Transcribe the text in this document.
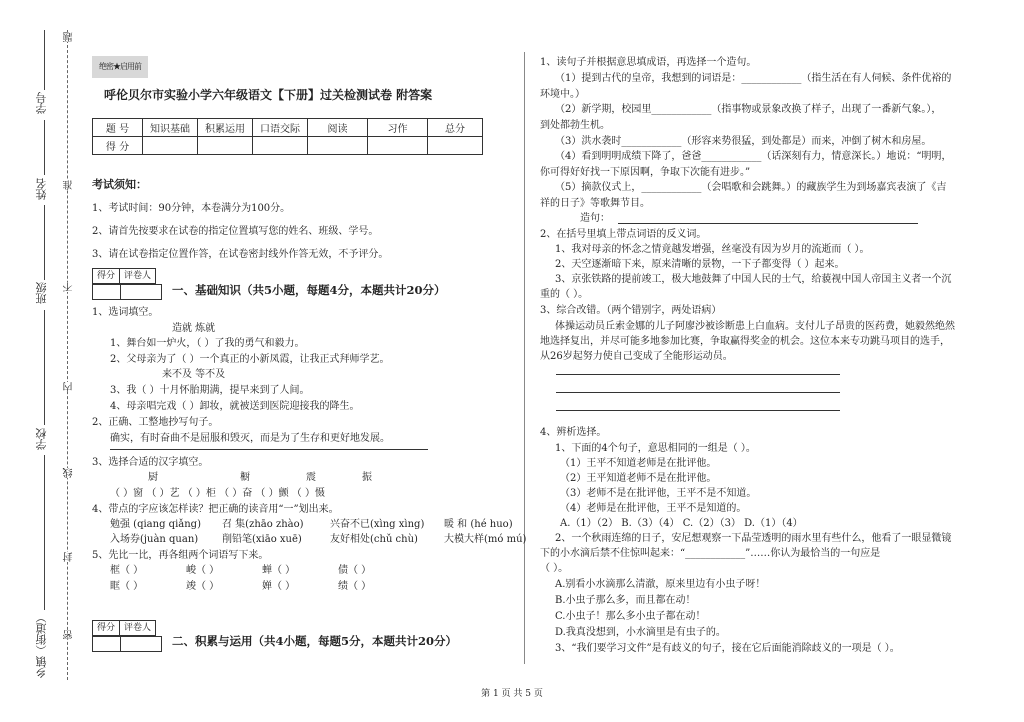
学号
姓名
班级
学校
乡镇（街道）
题
准
不
内
线
封
密
绝密★启用前
呼伦贝尔市实验小学六年级语文【下册】过关检测试卷 附答案
题 号	知识基础	积累运用	口语交际	阅读	习作	总分
得 分						
考试须知：
1、考试时间：90分钟，本卷满分为100分。
2、请首先按要求在试卷的指定位置填写您的姓名、班级、学号。
3、请在试卷指定位置作答，在试卷密封线外作答无效，不予评分。
得分	评卷人
一、基础知识（共5小题，每题4分，本题共计20分）
1、选词填空。
造就 炼就
1、舞台如一炉火，（ ）了我的勇气和毅力。
2、父母亲为了（ ）一个真正的小新凤霞，让我正式拜师学艺。
来不及 等不及
3、我（ ）十月怀胎期满，提早来到了人间。
4、母亲唱完戏（ ）卸妆，就被送到医院迎接我的降生。
2、正确、工整地抄写句子。
确实，有时奋曲不是屈服和毁灭，而是为了生存和更好地发展。
3、选择合适的汉字填空。
厨	橱	震	振
（ ）窗 （ ）艺 （ ）柜 （ ）奋 （ ）颤 （ ）慑
4、带点的字应该怎样读？把正确的读音用“一”划出来。
勉强 (qiang qiǎng) 召 集(zhāo zhào)	兴奋不已(xìng xìng) 暖 和 (hé huo)
入场券(juàn quan) 削铅笔(xiāo xuē)	友好相处(chǔ chù)	大模大样(mó mú)
5、先比一比，再各组两个词语写下来。
框（ ）	峻（ ）	蝉（ ）	债（ ）
眶（ ）	竣（ ）	婵（ ）	绩（ ）
得分	评卷人
二、积累与运用（共4小题，每题5分，本题共计20分）
1、读句子并根据意思填成语，再选择一个造句。
（1）提到古代的皇帝，我想到的词语是：____________（指生活在有人伺候、条件优裕的
环境中。）
（2）新学期，校园里____________（指事物或景象改换了样子，出现了一番新气象。），
到处都勃生机。
（3）洪水袭时____________（形容来势很猛，到处都是）而来，冲倒了树木和房屋。
（4）看到明明成绩下降了，爸爸____________（话深刻有力，情意深长。）地说：“明明，
你可得好好找一下原因啊，争取下次能有进步。”
（5）摘款仪式上，____________（会唱歌和会跳舞。）的藏族学生为到场嘉宾表演了《吉
祥的日子》等歌舞节目。
造句：
2、在括号里填上带点词语的反义词。
1、我对母亲的怀念之情竟越发增强，丝毫没有因为岁月的流逝而（ ）。
2、天空逐渐暗下来，原来清晰的景物，一下子都变得（ ）起来。
3、京张铁路的提前竣工，极大地鼓舞了中国人民的士气，给藐视中国人帝国主义者一个沉
重的（ ）。
3、综合改错。（两个错别字，两处语病）
体操运动员丘索金娜的儿子阿廖沙被诊断患上白血病。支付儿子昂贵的医药费，她毅然绝然
地选择复出，并尽可能多地参加比赛，争取赢得奖金的机会。这位本来专功跳马项目的选手，
从26岁起努力使自己变成了全能形运动员。
4、辨析选择。
1、下面的4个句子，意思相同的一组是（ ）。
（1）王平不知道老师是在批评他。
（2）王平知道老师不是在批评他。
（3）老师不是在批评他，王平不是不知道。
（4）老师是在批评他，王平不是知道的。
A.（1）（2） B.（3）（4） C.（2）（3） D.（1）（4）
2、一个秋雨连绵的日子，安尼想观察一下晶莹透明的雨水里有些什么，他看了一眼显微镜
下的小水滴后禁不住惊叫起来：“____________”……你认为最恰当的一句应是
（ ）。
A.别看小水滴那么清澈，原来里边有小虫子呀！
B.小虫子那么多，而且都在动！
C.小虫子！那么多小虫子都在动！
D.我真没想到，小水滴里是有虫子的。
3、“我们要学习文件”是有歧义的句子，接在它后面能消除歧义的一项是（ ）。
第 1 页 共 5 页
